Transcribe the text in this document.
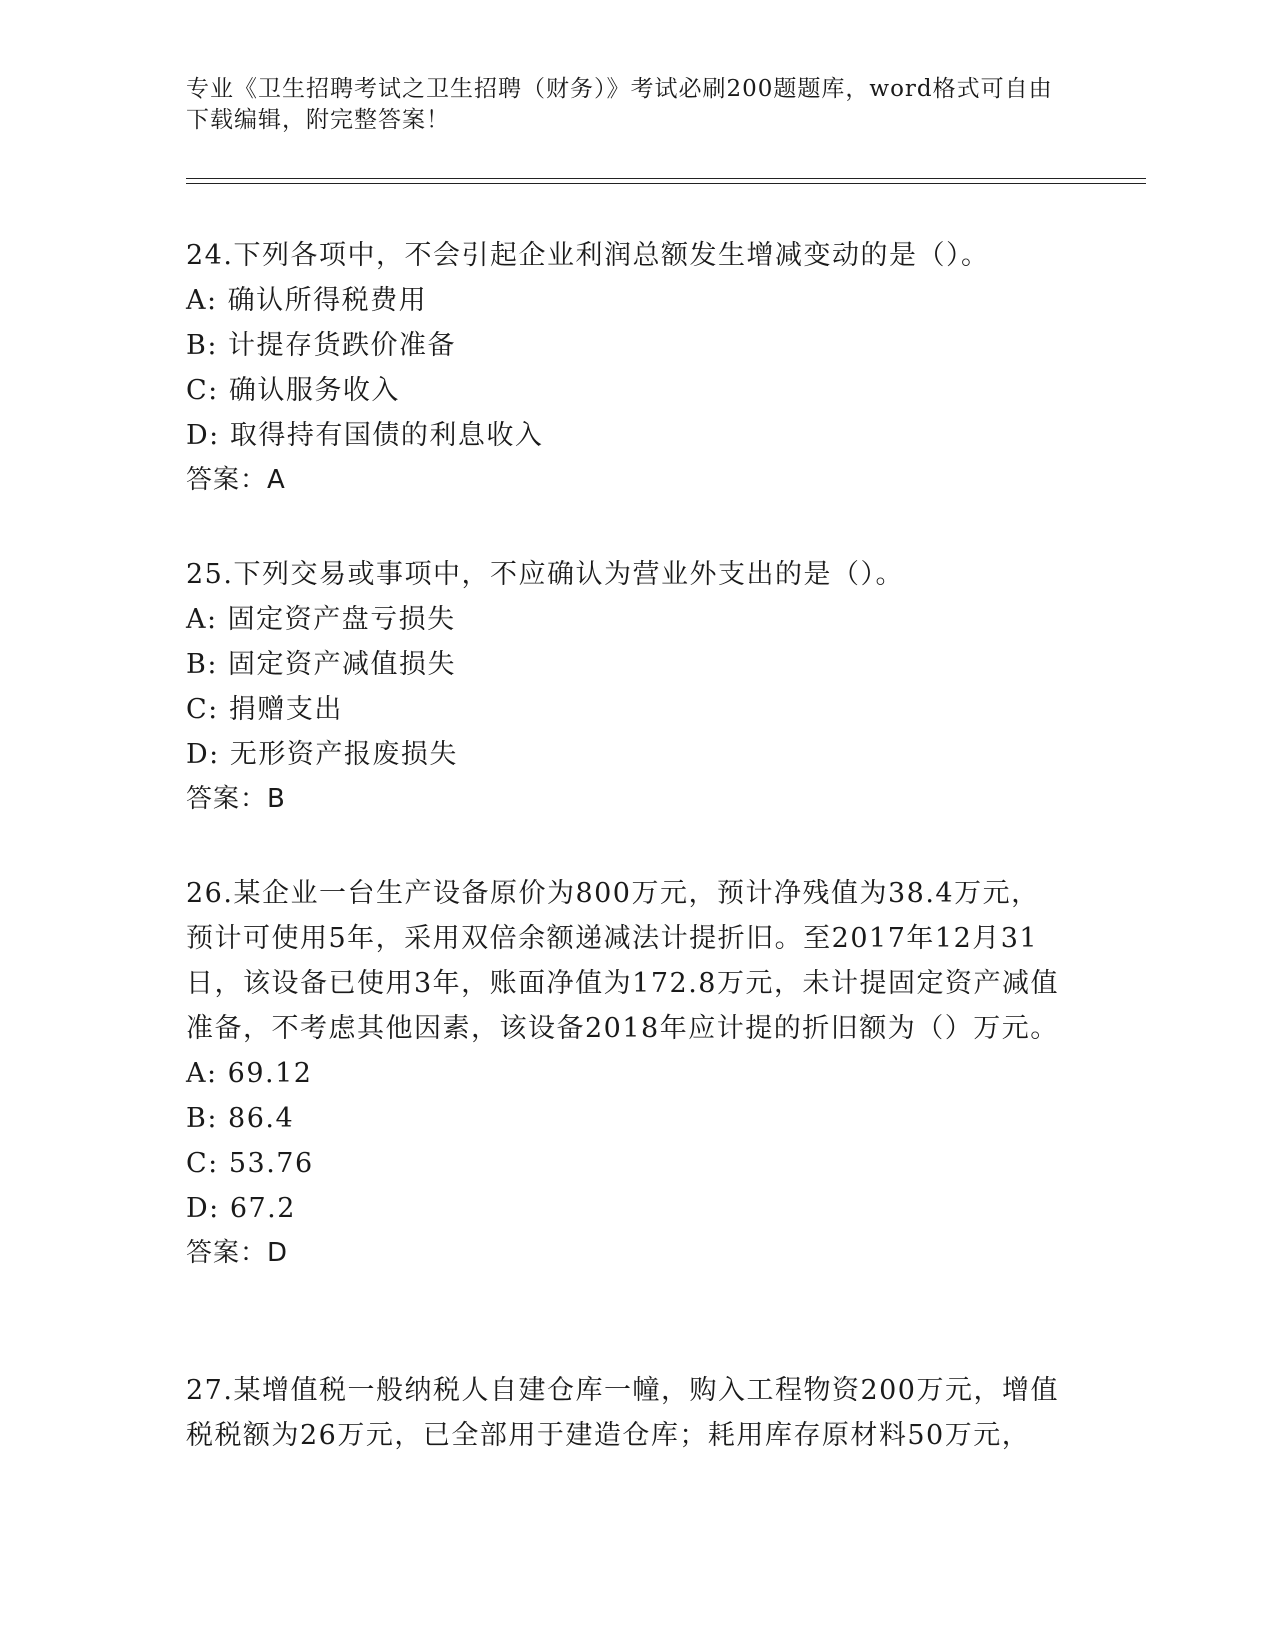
专业《卫生招聘考试之卫生招聘（财务）》考试必刷200题题库，word格式可自由下载编辑，附完整答案！
24.下列各项中，不会引起企业利润总额发生增减变动的是（）。
A: 确认所得税费用
B: 计提存货跌价准备
C: 确认服务收入
D: 取得持有国债的利息收入
答案：A
25.下列交易或事项中，不应确认为营业外支出的是（）。
A: 固定资产盘亏损失
B: 固定资产减值损失
C: 捐赠支出
D: 无形资产报废损失
答案：B
26.某企业一台生产设备原价为800万元，预计净残值为38.4万元，预计可使用5年，采用双倍余额递减法计提折旧。至2017年12月31日，该设备已使用3年，账面净值为172.8万元，未计提固定资产减值准备，不考虑其他因素，该设备2018年应计提的折旧额为（）万元。
A: 69.12
B: 86.4
C: 53.76
D: 67.2
答案：D
27.某增值税一般纳税人自建仓库一幢，购入工程物资200万元，增值税税额为26万元，已全部用于建造仓库；耗用库存原材料50万元，
